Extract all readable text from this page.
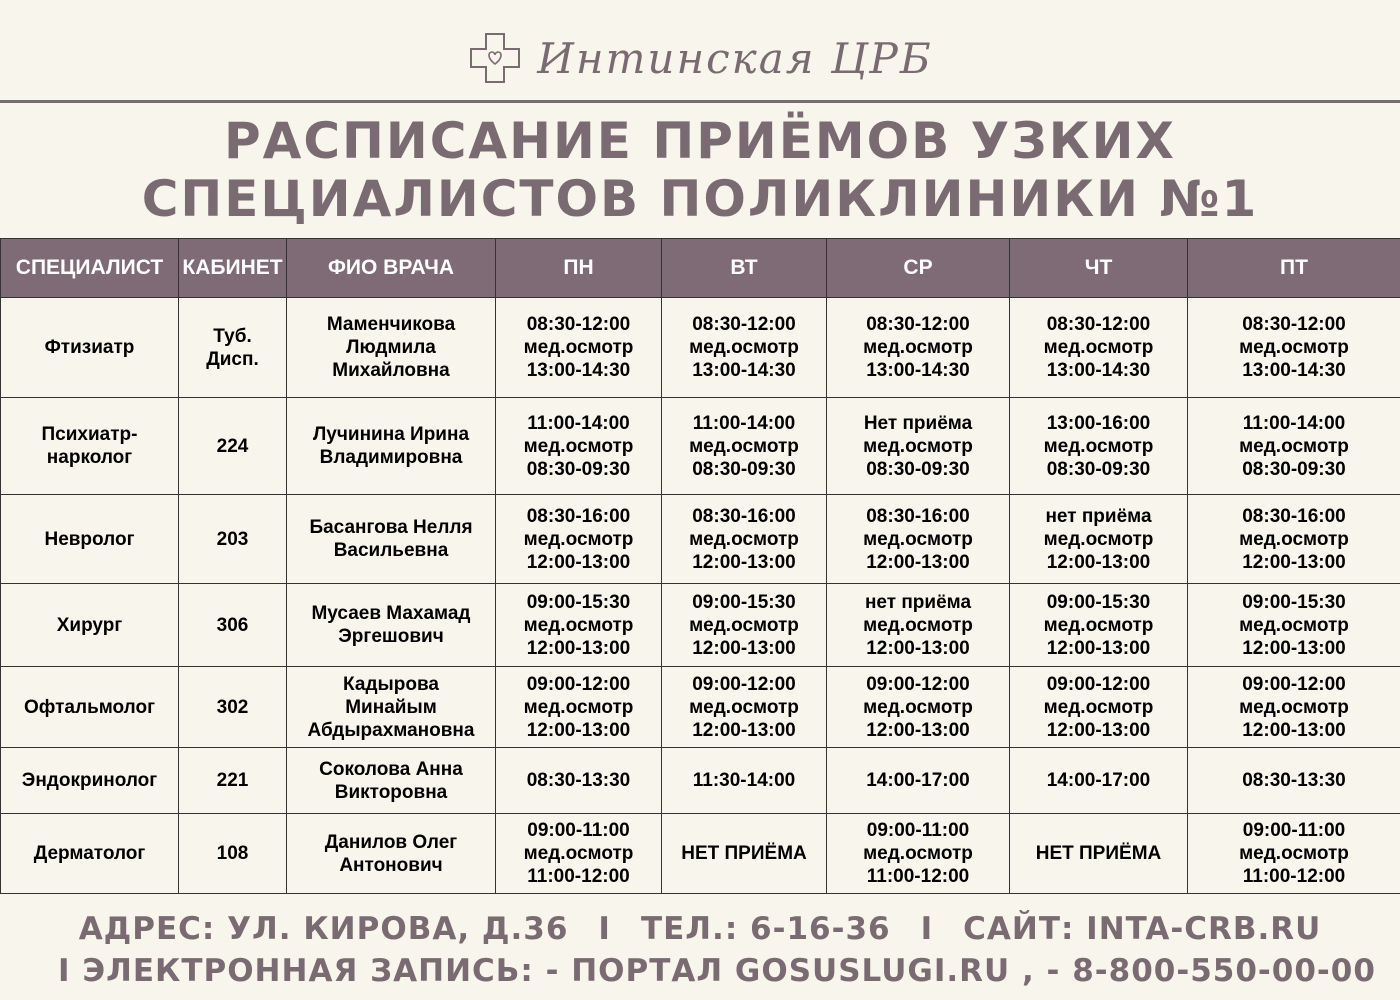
Интинская ЦРБ
РАСПИСАНИЕ ПРИЁМОВ УЗКИХ
СПЕЦИАЛИСТОВ ПОЛИКЛИНИКИ №1
СПЕЦИАЛИСТ	КАБИНЕТ	ФИО ВРАЧА	ПН	ВТ	СР	ЧТ	ПТ

Фтизиатр	Туб.
Дисп.	Маменчикова
Людмила
Михайловна	08:30-12:00
мед.осмотр
13:00-14:30	08:30-12:00
мед.осмотр
13:00-14:30	08:30-12:00
мед.осмотр
13:00-14:30	08:30-12:00
мед.осмотр
13:00-14:30	08:30-12:00
мед.осмотр
13:00-14:30

Психиатр-
нарколог	224	Лучинина Ирина
Владимировна	11:00-14:00
мед.осмотр
08:30-09:30	11:00-14:00
мед.осмотр
08:30-09:30	Нет приёма
мед.осмотр
08:30-09:30	13:00-16:00
мед.осмотр
08:30-09:30	11:00-14:00
мед.осмотр
08:30-09:30

Невролог	203	Басангова Нелля
Васильевна	08:30-16:00
мед.осмотр
12:00-13:00	08:30-16:00
мед.осмотр
12:00-13:00	08:30-16:00
мед.осмотр
12:00-13:00	нет приёма
мед.осмотр
12:00-13:00	08:30-16:00
мед.осмотр
12:00-13:00

Хирург	306	Мусаев Махамад
Эргешович	09:00-15:30
мед.осмотр
12:00-13:00	09:00-15:30
мед.осмотр
12:00-13:00	нет приёма
мед.осмотр
12:00-13:00	09:00-15:30
мед.осмотр
12:00-13:00	09:00-15:30
мед.осмотр
12:00-13:00

Офтальмолог	302	Кадырова
Минайым
Абдырахмановна	09:00-12:00
мед.осмотр
12:00-13:00	09:00-12:00
мед.осмотр
12:00-13:00	09:00-12:00
мед.осмотр
12:00-13:00	09:00-12:00
мед.осмотр
12:00-13:00	09:00-12:00
мед.осмотр
12:00-13:00

Эндокринолог	221	Соколова Анна
Викторовна	08:30-13:30	11:30-14:00	14:00-17:00	14:00-17:00	08:30-13:30

Дерматолог	108	Данилов Олег
Антонович	09:00-11:00
мед.осмотр
11:00-12:00	НЕТ ПРИЁМА	09:00-11:00
мед.осмотр
11:00-12:00	НЕТ ПРИЁМА	09:00-11:00
мед.осмотр
11:00-12:00
АДРЕС: УЛ. КИРОВА, Д.36 I ТЕЛ.: 6-16-36 I САЙТ: INTA-CRB.RU
I ЭЛЕКТРОННАЯ ЗАПИСЬ: - ПОРТАЛ GOSUSLUGI.RU , - 8-800-550-00-00
